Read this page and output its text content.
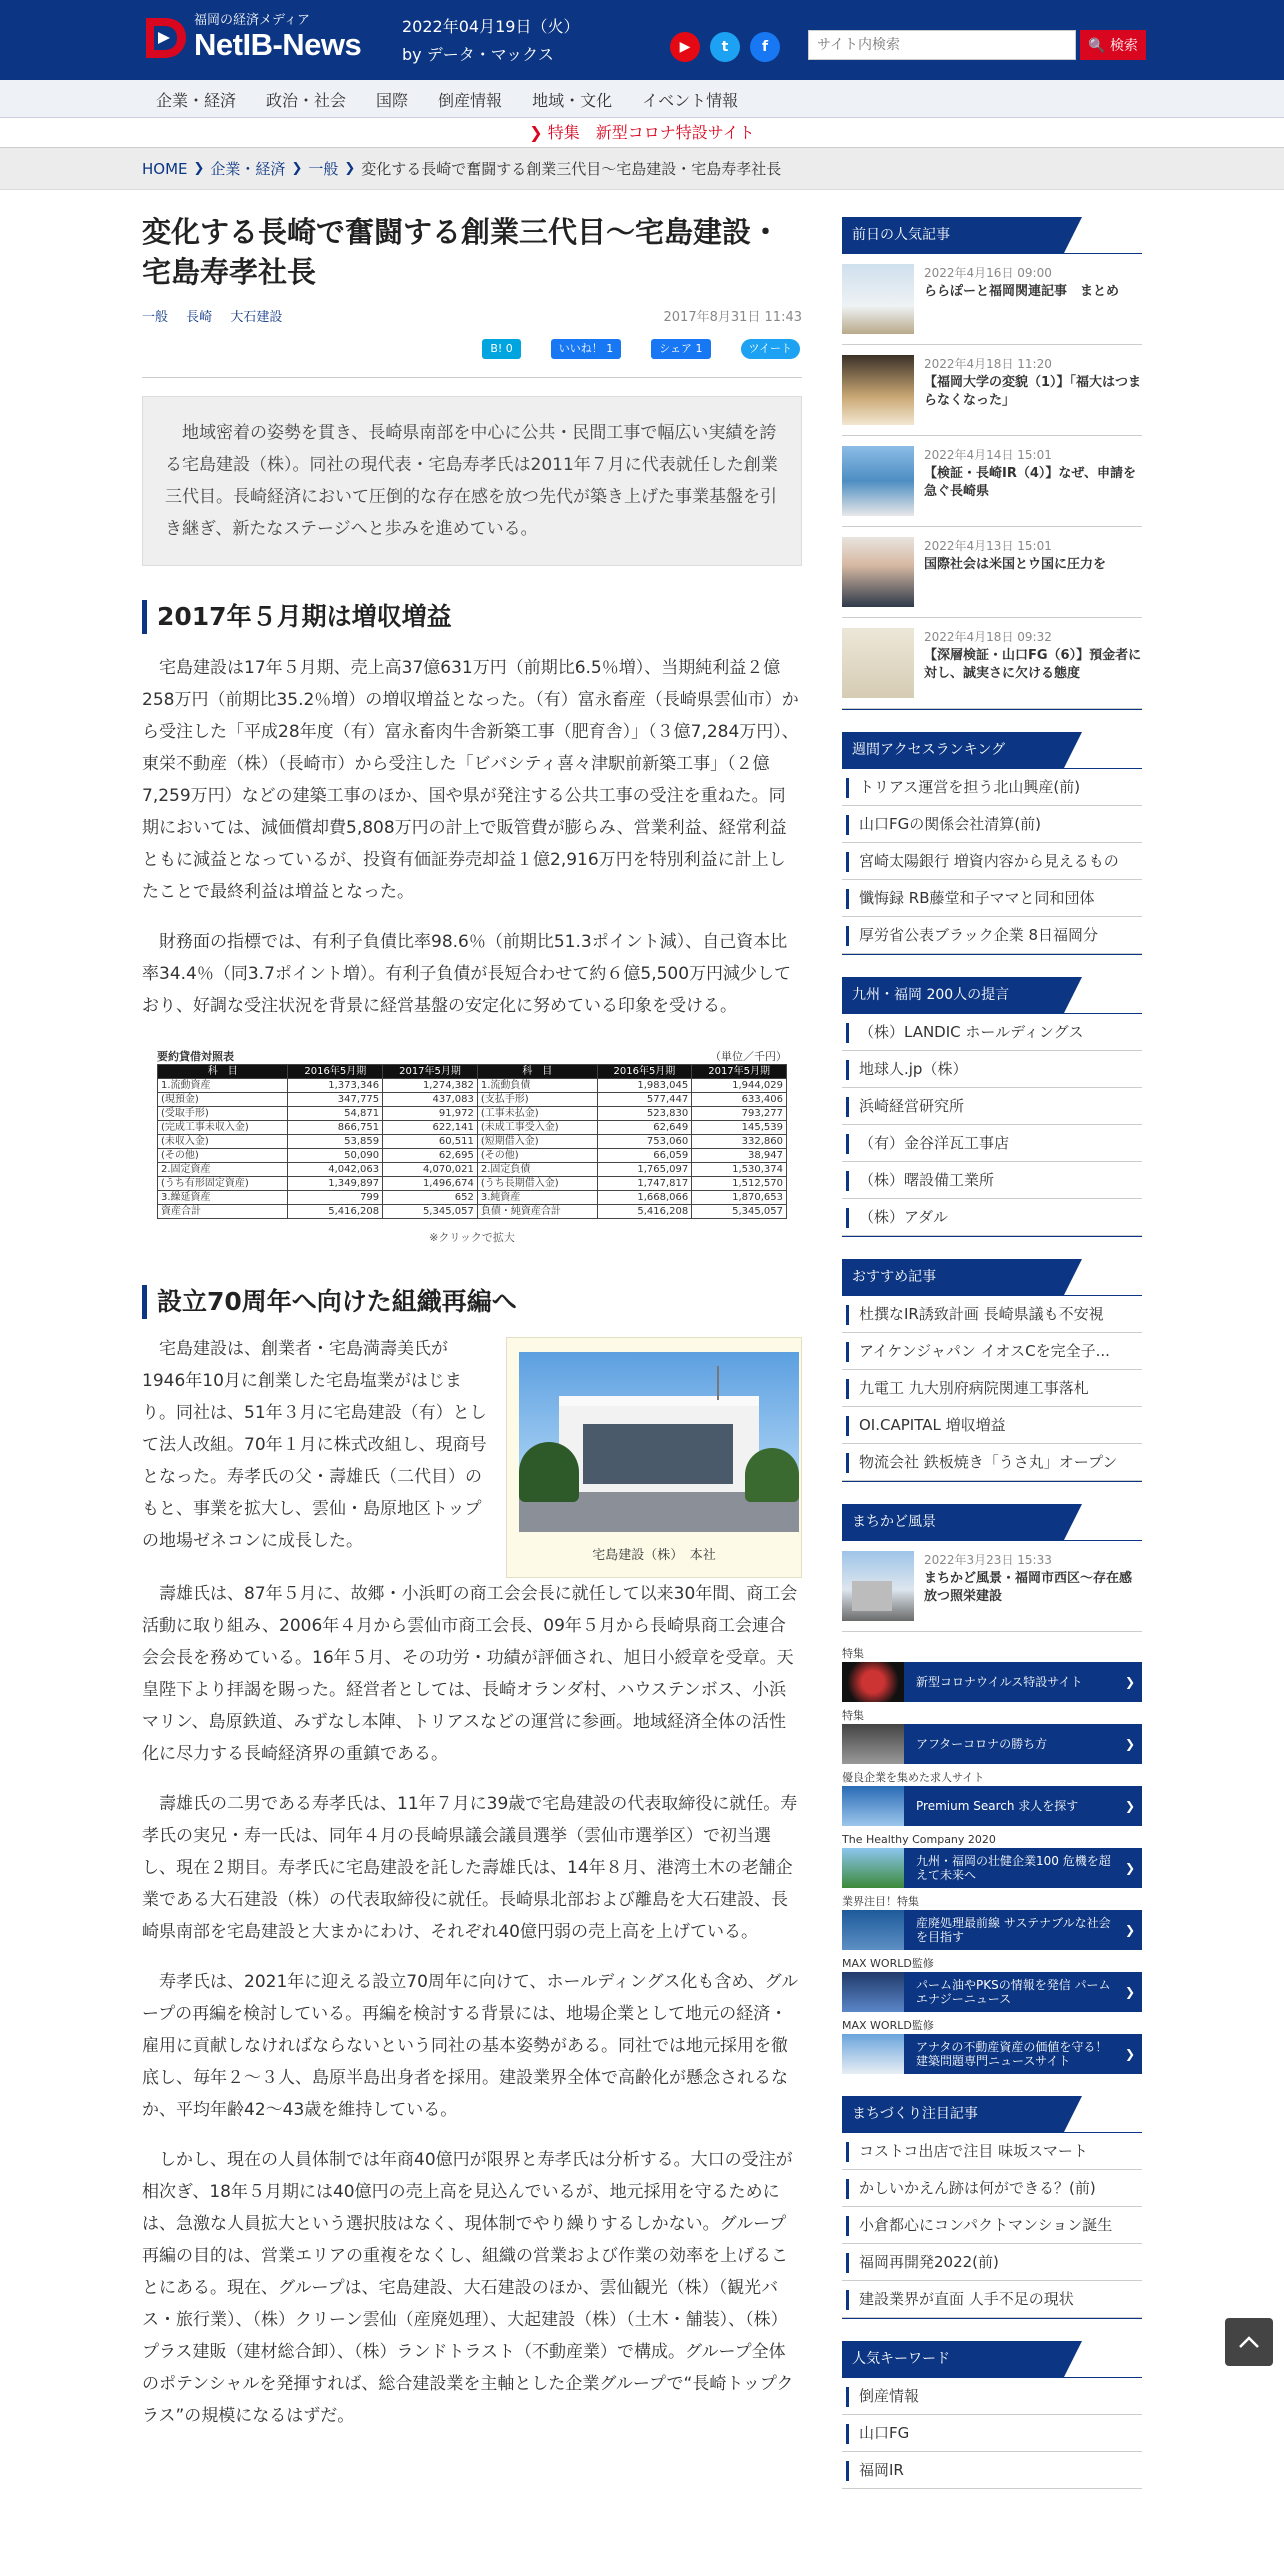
福岡の経済メディア
NetIB-News
2022年04月19日（火）
by データ・マックス	▶	t	f
サイト内検索	🔍 検索
企業・経済 政治・社会 国際 倒産情報 地域・文化 イベント情報
❯ 特集　新型コロナ特設サイト
HOME ❯ 企業・経済 ❯ 一般 ❯ 変化する長崎で奮闘する創業三代目～宅島建設・宅島寿孝社長
変化する長崎で奮闘する創業三代目～宅島建設・宅島寿孝社長
一般 長崎 大石建設	2017年8月31日 11:43
B! 0	いいね！ 1	シェア 1	ツイート
地域密着の姿勢を貫き、長崎県南部を中心に公共・民間工事で幅広い実績を誇る宅島建設（株）。同社の現代表・宅島寿孝氏は2011年７月に代表就任した創業三代目。長崎経済において圧倒的な存在感を放つ先代が築き上げた事業基盤を引き継ぎ、新たなステージへと歩みを進めている。
2017年５月期は増収増益

宅島建設は17年５月期、売上高37億631万円（前期比6.5％増）、当期純利益２億258万円（前期比35.2％増）の増収増益となった。（有）富永畜産（長崎県雲仙市）から受注した「平成28年度（有）富永畜肉牛舎新築工事（肥育舎）」（３億7,284万円）、東栄不動産（株）（長崎市）から受注した「ビバシティ喜々津駅前新築工事」（２億7,259万円）などの建築工事のほか、国や県が発注する公共工事の受注を重ねた。同期においては、減価償却費5,808万円の計上で販管費が膨らみ、営業利益、経常利益ともに減益となっているが、投資有価証券売却益１億2,916万円を特別利益に計上したことで最終利益は増益となった。

財務面の指標では、有利子負債比率98.6％（前期比51.3ポイント減）、自己資本比率34.4％（同3.7ポイント増）。有利子負債が長短合わせて約６億5,500万円減少しており、好調な受注状況を背景に経営基盤の安定化に努めている印象を受ける。

要約貸借対照表	（単位／千円）
科　目	2016年5月期	2017年5月期	科　目	2016年5月期	2017年5月期
1.流動資産	1,373,346	1,274,382	1.流動負債	1,983,045	1,944,029
(現預金)	347,775	437,083	(支払手形)	577,447	633,406
(受取手形)	54,871	91,972	(工事未払金)	523,830	793,277
(完成工事未収入金)	866,751	622,141	(未成工事受入金)	62,649	145,539
(未収入金)	53,859	60,511	(短期借入金)	753,060	332,860
(その他)	50,090	62,695	(その他)	66,059	38,947
2.固定資産	4,042,063	4,070,021	2.固定負債	1,765,097	1,530,374
(うち有形固定資産)	1,349,897	1,496,674	(うち長期借入金)	1,747,817	1,512,570
3.繰延資産	799	652	3.純資産	1,668,066	1,870,653
資産合計	5,416,208	5,345,057	負債・純資産合計	5,416,208	5,345,057
※クリックで拡大
設立70周年へ向けた組織再編へ
宅島建設（株）　本社

宅島建設は、創業者・宅島満壽美氏が1946年10月に創業した宅島塩業がはじまり。同社は、51年３月に宅島建設（有）として法人改組。70年１月に株式改組し、現商号となった。寿孝氏の父・壽雄氏（二代目）のもと、事業を拡大し、雲仙・島原地区トップの地場ゼネコンに成長した。

壽雄氏は、87年５月に、故郷・小浜町の商工会会長に就任して以来30年間、商工会活動に取り組み、2006年４月から雲仙市商工会長、09年５月から長崎県商工会連合会会長を務めている。16年５月、その功労・功績が評価され、旭日小綬章を受章。天皇陛下より拝謁を賜った。経営者としては、長崎オランダ村、ハウステンボス、小浜マリン、島原鉄道、みずなし本陣、トリアスなどの運営に参画。地域経済全体の活性化に尽力する長崎経済界の重鎮である。

壽雄氏の二男である寿孝氏は、11年７月に39歳で宅島建設の代表取締役に就任。寿孝氏の実兄・寿一氏は、同年４月の長崎県議会議員選挙（雲仙市選挙区）で初当選し、現在２期目。寿孝氏に宅島建設を託した壽雄氏は、14年８月、港湾土木の老舗企業である大石建設（株）の代表取締役に就任。長崎県北部および離島を大石建設、長崎県南部を宅島建設と大まかにわけ、それぞれ40億円弱の売上高を上げている。

寿孝氏は、2021年に迎える設立70周年に向けて、ホールディングス化も含め、グループの再編を検討している。再編を検討する背景には、地場企業として地元の経済・雇用に貢献しなければならないという同社の基本姿勢がある。同社では地元採用を徹底し、毎年２～３人、島原半島出身者を採用。建設業界全体で高齢化が懸念されるなか、平均年齢42～43歳を維持している。

しかし、現在の人員体制では年商40億円が限界と寿孝氏は分析する。大口の受注が相次ぎ、18年５月期には40億円の売上高を見込んでいるが、地元採用を守るためには、急激な人員拡大という選択肢はなく、現体制でやり繰りするしかない。グループ再編の目的は、営業エリアの重複をなくし、組織の営業および作業の効率を上げることにある。現在、グループは、宅島建設、大石建設のほか、雲仙観光（株）（観光バス・旅行業）、（株）クリーン雲仙（産廃処理）、大起建設（株）（土木・舗装）、（株）プラス建販（建材総合卸）、（株）ランドトラスト（不動産業）で構成。グループ全体のポテンシャルを発揮すれば、総合建設業を主軸とした企業グループで“長崎トップクラス”の規模になるはずだ。

前日の人気記事
2022年4月16日 09:00
ららぽーと福岡関連記事　まとめ
2022年4月18日 11:20
【福岡大学の変貌（1）】「福大はつまらなくなった」
2022年4月14日 15:01
【検証・長崎IR（4）】なぜ、申請を急ぐ長崎県
2022年4月13日 15:01
国際社会は米国とウ国に圧力を
2022年4月18日 09:32
【深層検証・山口FG（6）】預金者に対し、誠実さに欠ける態度
週間アクセスランキング
トリアス運営を担う北山興産(前)
山口FGの関係会社清算(前)
宮崎太陽銀行 増資内容から見えるもの
懺悔録 RB藤堂和子ママと同和団体
厚労省公表ブラック企業 8日福岡分
九州・福岡 200人の提言
（株）LANDIC ホールディングス
地球人.jp（株）
浜崎経営研究所
（有）金谷洋瓦工事店
（株）曙設備工業所
（株）アダル
おすすめ記事
杜撰なIR誘致計画 長崎県議も不安視
アイケンジャパン イオスCを完全子...
九電工 九大別府病院関連工事落札
OI.CAPITAL 増収増益
物流会社 鉄板焼き「うさ丸」オープン
まちかど風景
2022年3月23日 15:33
まちかど風景・福岡市西区～存在感放つ照栄建設
特集
新型コロナウイルス特設サイト	❯
特集
アフターコロナの勝ち方	❯
優良企業を集めた求人サイト
Premium Search 求人を探す	❯
The Healthy Company 2020
九州・福岡の壮健企業100 危機を超えて未来へ	❯
業界注目！特集
産廃処理最前線 サステナブルな社会を目指す	❯
MAX WORLD監修
パーム油やPKSの情報を発信 パームエナジーニュース	❯
MAX WORLD監修
アナタの不動産資産の価値を守る！ 建築問題専門ニュースサイト	❯
まちづくり注目記事
コストコ出店で注目 味坂スマート
かしいかえん跡は何ができる？(前)
小倉都心にコンパクトマンション誕生
福岡再開発2022(前)
建設業界が直面 人手不足の現状
人気キーワード
倒産情報
山口FG
福岡IR
